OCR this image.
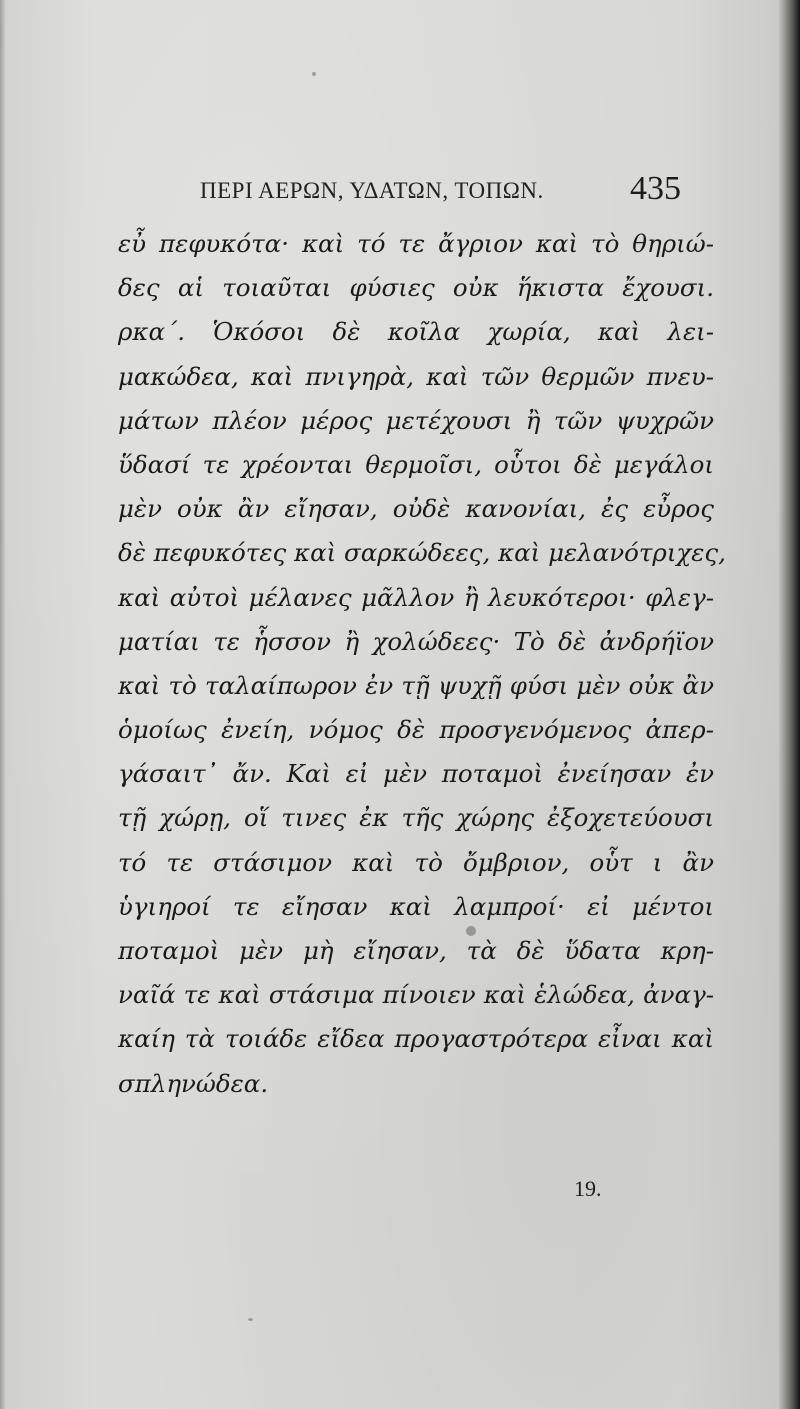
ΠΕΡΙ ΑΕΡΩΝ, ΥΔΑΤΩΝ, ΤΟΠΩΝ.	435
εὖ πεφυκότα· καὶ τό τε ἄγριον καὶ τὸ θηριώ-
δες αἱ τοιαῦται φύσιες οὐκ ἥκιστα ἔχουσι.
ρκα΄. Ὁκόσοι δὲ κοῖλα χωρία, καὶ λει-
μακώδεα, καὶ πνιγηρὰ, καὶ τῶν θερμῶν πνευ-
μάτων πλέον μέρος μετέχουσι ἢ τῶν ψυχρῶν
ὕδασί τε χρέονται θερμοῖσι, οὗτοι δὲ μεγάλοι
μὲν οὐκ ἂν εἴησαν, οὐδὲ κανονίαι, ἐς εὖρος
δὲ πεφυκότες καὶ σαρκώδεες, καὶ μελανότριχες,
καὶ αὐτοὶ μέλανες μᾶλλον ἢ λευκότεροι· φλεγ-
ματίαι τε ἧσσον ἢ χολώδεες· Τὸ δὲ ἀνδρήϊον
καὶ τὸ ταλαίπωρον ἐν τῇ ψυχῇ φύσι μὲν οὐκ ἂν
ὁμοίως ἐνείη, νόμος δὲ προσγενόμενος ἀπερ-
γάσαιτ᾽ ἄν. Καὶ εἰ μὲν ποταμοὶ ἐνείησαν ἐν
τῇ χώρῃ, οἵ τινες ἐκ τῆς χώρης ἐξοχετεύουσι
τό τε στάσιμον καὶ τὸ ὄμβριον, οὗτ ι ἂν
ὑγιηροί τε εἴησαν καὶ λαμπροί· εἰ μέντοι
ποταμοὶ μὲν μὴ εἴησαν, τὰ δὲ ὕδατα κρη-
ναῖά τε καὶ στάσιμα πίνοιεν καὶ ἑλώδεα, ἀναγ-
καίη τὰ τοιάδε εἴδεα προγαστρότερα εἶναι καὶ
σπληνώδεα.
19.
